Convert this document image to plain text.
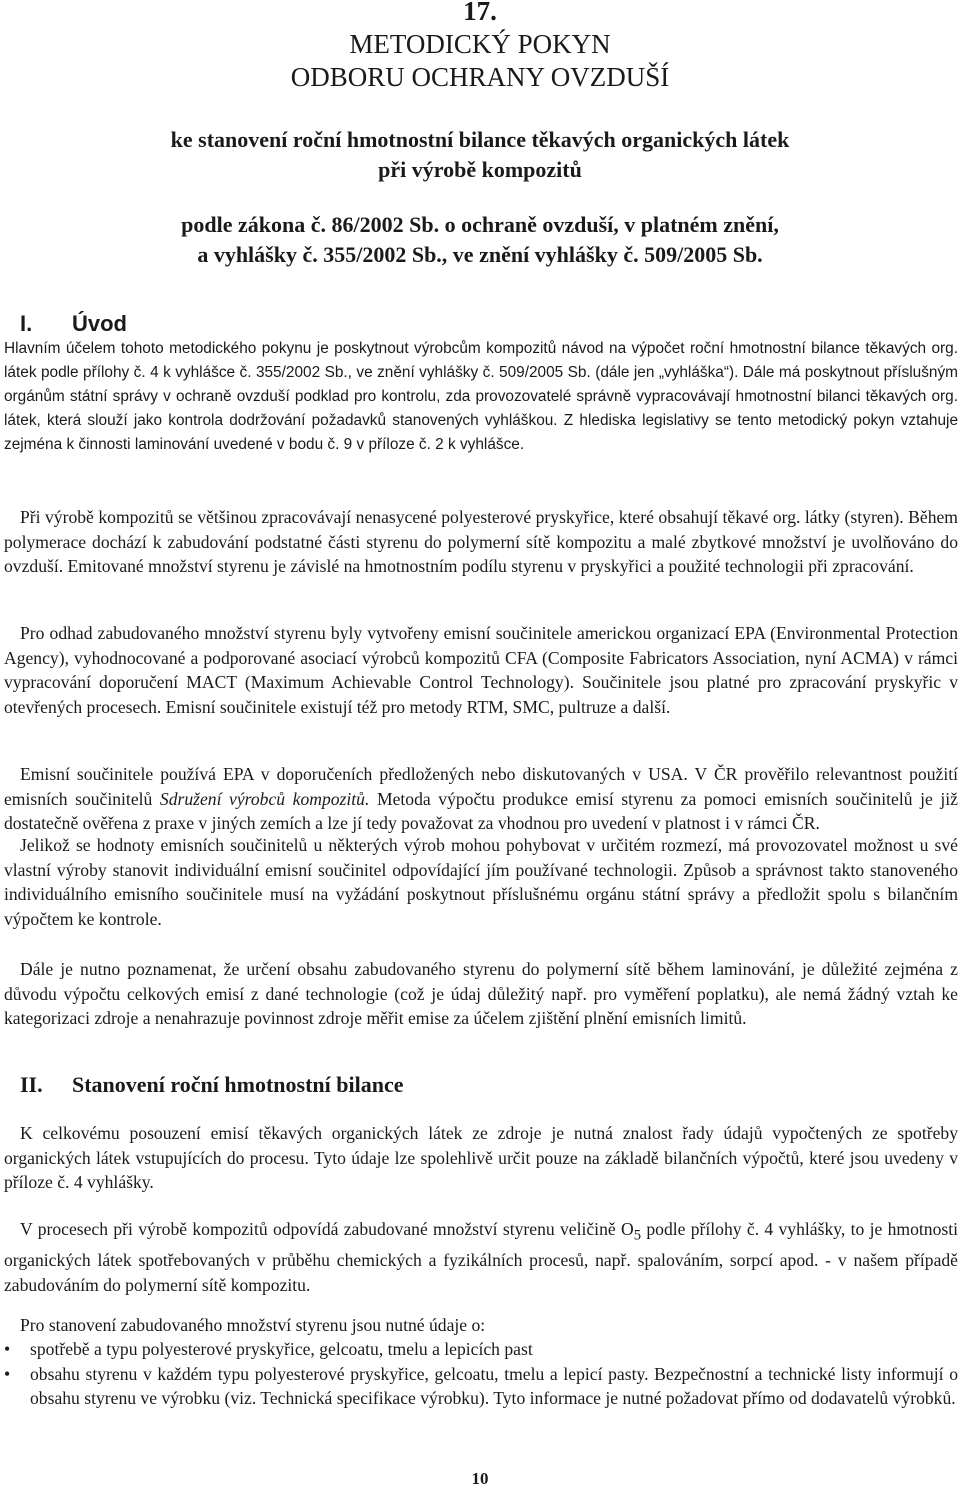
17.
METODICKÝ POKYN
ODBORU OCHRANY OVZDUŠÍ
ke stanovení roční hmotnostní bilance těkavých organických látek
při výrobě kompozitů
podle zákona č. 86/2002 Sb. o ochraně ovzduší, v platném znění,
a vyhlášky č. 355/2002 Sb., ve znění vyhlášky č. 509/2005 Sb.
I. Úvod

Hlavním účelem tohoto metodického pokynu je poskytnout výrobcům kompozitů návod na výpočet roční hmotnostní bilance těkavých org. látek podle přílohy č. 4 k vyhlášce č. 355/2002 Sb., ve znění vyhlášky č. 509/2005 Sb. (dále jen „vyhláška“). Dále má poskytnout příslušným orgánům státní správy v ochraně ovzduší podklad pro kontrolu, zda provozovatelé správně vypracovávají hmotnostní bilanci těkavých org. látek, která slouží jako kontrola dodržování požadavků stanovených vyhláškou. Z hlediska legislativy se tento metodický pokyn vztahuje zejména k činnosti laminování uvedené v bodu č. 9 v příloze č. 2 k vyhlášce.

Při výrobě kompozitů se většinou zpracovávají nenasycené polyesterové pryskyřice, které obsahují těkavé org. látky (styren). Během polymerace dochází k zabudování podstatné části styrenu do polymerní sítě kompozitu a malé zbytkové množství je uvolňováno do ovzduší. Emitované množství styrenu je závislé na hmotnostním podílu styrenu v pryskyřici a použité technologii při zpracování.

Pro odhad zabudovaného množství styrenu byly vytvořeny emisní součinitele americkou organizací EPA (Environmental Protection Agency), vyhodnocované a podporované asociací výrobců kompozitů CFA (Composite Fabricators Association, nyní ACMA) v rámci vypracování doporučení MACT (Maximum Achievable Control Technology). Součinitele jsou platné pro zpracování pryskyřic v otevřených procesech. Emisní součinitele existují též pro metody RTM, SMC, pultruze a další.

Emisní součinitele používá EPA v doporučeních předložených nebo diskutovaných v USA. V ČR prověřilo relevantnost použití emisních součinitelů Sdružení výrobců kompozitů. Metoda výpočtu produkce emisí styrenu za pomoci emisních součinitelů je již dostatečně ověřena z praxe v jiných zemích a lze jí tedy považovat za vhodnou pro uvedení v platnost i v rámci ČR.

Jelikož se hodnoty emisních součinitelů u některých výrob mohou pohybovat v určitém rozmezí, má provozovatel možnost u své vlastní výroby stanovit individuální emisní součinitel odpovídající jím používané technologii. Způsob a správnost takto stanoveného individuálního emisního součinitele musí na vyžádání poskytnout příslušnému orgánu státní správy a předložit spolu s bilančním výpočtem ke kontrole.

Dále je nutno poznamenat, že určení obsahu zabudovaného styrenu do polymerní sítě během laminování, je důležité zejména z důvodu výpočtu celkových emisí z dané technologie (což je údaj důležitý např. pro vyměření poplatku), ale nemá žádný vztah ke kategorizaci zdroje a nenahrazuje povinnost zdroje měřit emise za účelem zjištění plnění emisních limitů.

II. Stanovení roční hmotnostní bilance

K celkovému posouzení emisí těkavých organických látek ze zdroje je nutná znalost řady údajů vypočtených ze spotřeby organických látek vstupujících do procesu. Tyto údaje lze spolehlivě určit pouze na základě bilančních výpočtů, které jsou uvedeny v příloze č. 4 vyhlášky.

V procesech při výrobě kompozitů odpovídá zabudované množství styrenu veličině $O_5$ podle přílohy č. 4 vyhlášky, to je hmotnosti organických látek spotřebovaných v průběhu chemických a fyzikálních procesů, např. spalováním, sorpcí apod. - v našem případě zabudováním do polymerní sítě kompozitu.

Pro stanovení zabudovaného množství styrenu jsou nutné údaje o:

• spotřebě a typu polyesterové pryskyřice, gelcoatu, tmelu a lepicích past
• obsahu styrenu v každém typu polyesterové pryskyřice, gelcoatu, tmelu a lepicí pasty. Bezpečnostní a technické listy informují o obsahu styrenu ve výrobku (viz. Technická specifikace výrobku). Tyto informace je nutné požadovat přímo od dodavatelů výrobků.
10
